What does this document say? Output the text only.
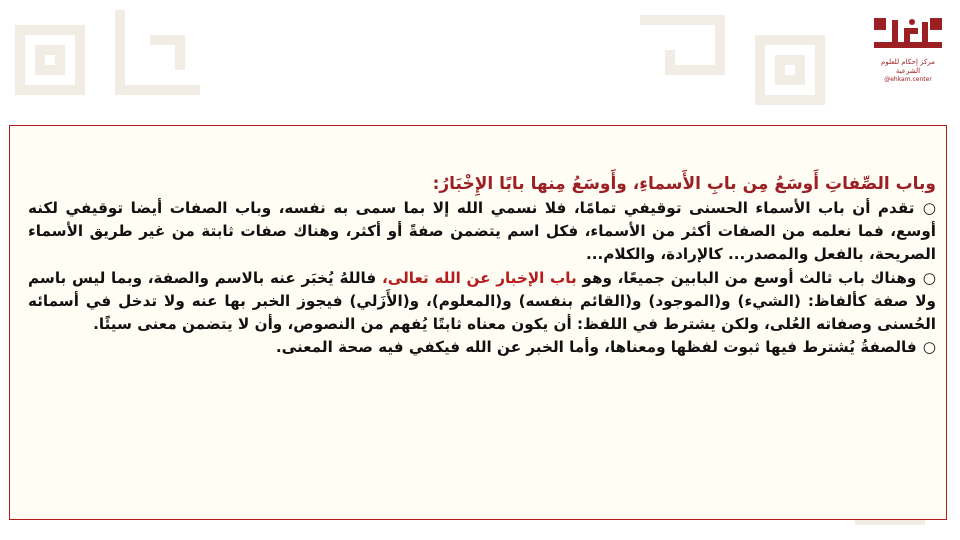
مركز إحكام للعلوم الشرعية
@ehkam.center
وباب الصِّفاتِ أَوسَعُ مِن بابِ الأَسماءِ، وأَوسَعُ مِنها بابًا الإِخْبَارُ:

○ تقدم أن باب الأسماء الحسنى توقيفي تمامًا، فلا نسمي الله إلا بما سمى به نفسه، وباب الصفات أيضا توقيفي لكنه أوسع، فما نعلمه من الصفات أكثر من الأسماء، فكل اسم يتضمن صفةً أو أكثر، وهناك صفات ثابتة من غير طريق الأسماء الصريحة، بالفعل والمصدر... كالإرادة، والكلام...

○ وهناك باب ثالث أوسع من البابين جميعًا، وهو باب الإخبار عن الله تعالى، فاللهُ يُخبَر عنه بالاسم والصفة، وبما ليس باسم ولا صفة كألفاظ: (الشيء) و(الموجود) و(القائم بنفسه) و(المعلوم)، و(الأَزَلي) فيجوز الخبر بها عنه ولا تدخل في أسمائه الحُسنى وصفاته العُلى، ولكن يشترط في اللفظ: أن يكون معناه ثابتًا يُفهم من النصوص، وأن لا يتضمن معنى سيئًا.

○ فالصفةُ يُشترط فيها ثبوت لفظها ومعناها، وأما الخبر عن الله فيكفي فيه صحة المعنى.
